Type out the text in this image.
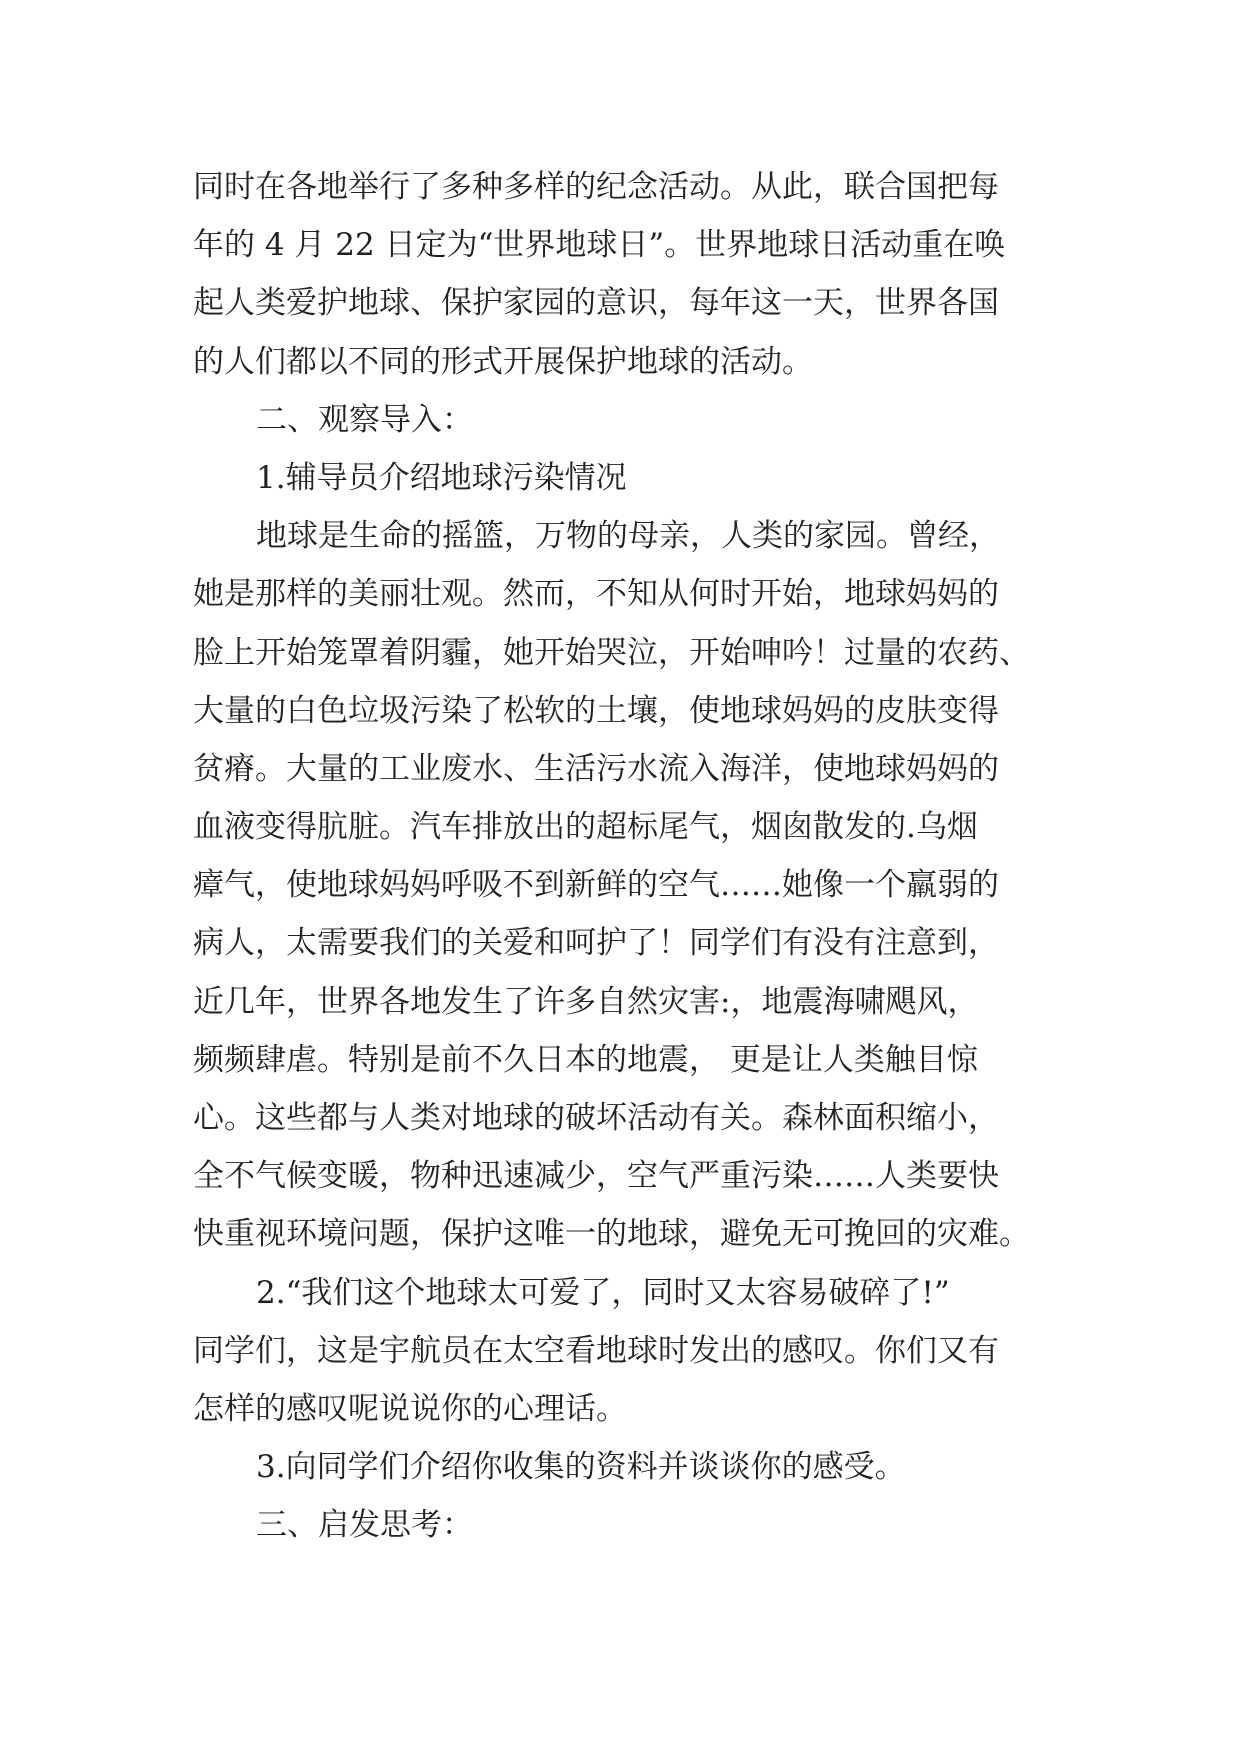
同时在各地举行了多种多样的纪念活动。从此，联合国把每
年的 4 月 22 日定为“世界地球日”。世界地球日活动重在唤
起人类爱护地球、保护家园的意识，每年这一天，世界各国
的人们都以不同的形式开展保护地球的活动。
二、观察导入：
1.辅导员介绍地球污染情况
地球是生命的摇篮，万物的母亲，人类的家园。曾经，
她是那样的美丽壮观。然而，不知从何时开始，地球妈妈的
脸上开始笼罩着阴霾，她开始哭泣，开始呻吟！过量的农药、
大量的白色垃圾污染了松软的土壤，使地球妈妈的皮肤变得
贫瘠。大量的工业废水、生活污水流入海洋，使地球妈妈的
血液变得肮脏。汽车排放出的超标尾气，烟囱散发的.乌烟
瘴气，使地球妈妈呼吸不到新鲜的空气……她像一个羸弱的
病人，太需要我们的关爱和呵护了！同学们有没有注意到，
近几年，世界各地发生了许多自然灾害:，地震海啸飓风，
频频肆虐。特别是前不久日本的地震， 更是让人类触目惊
心。这些都与人类对地球的破坏活动有关。森林面积缩小，
全不气候变暖，物种迅速减少，空气严重污染……人类要快
快重视环境问题，保护这唯一的地球，避免无可挽回的灾难。
2.“我们这个地球太可爱了，同时又太容易破碎了!”
同学们，这是宇航员在太空看地球时发出的感叹。你们又有
怎样的感叹呢说说你的心理话。
3.向同学们介绍你收集的资料并谈谈你的感受。
三、启发思考：
